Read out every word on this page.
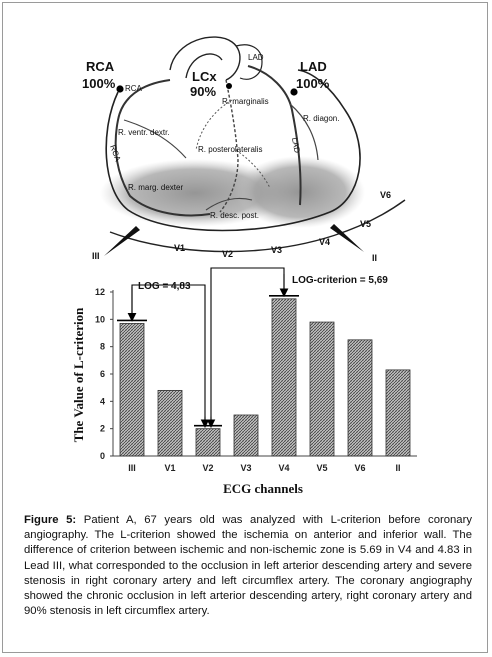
RCA
100%	LCx
90%
LAD
100%
LAD
RCA
R. marginalis
R. diagon.
R. ventr. dextr.
R. posterolateralis
RCA	LAD
R. marg. dexter
R. desc. post.
III	II
V1
V2	V3
V4
V5
V6
0
2
4
6
8
10
12
III	V1	V2	V3	V4	V5	V6	II
The Value of L-criterion
ECG channels
LOG = 4,83
LOG-criterion = 5,69
Figure 5: Patient A, 67 years old was analyzed with L-criterion before coronary angiography. The L-criterion showed the ischemia on anterior and inferior wall. The difference of criterion between ischemic and non-ischemic zone is 5.69 in V4 and 4.83 in Lead III, what corresponded to the occlusion in left arterior descending artery and severe stenosis in right coronary artery and left circumflex artery. The coronary angiography showed the chronic occlusion in left arterior descending artery, right coronary artery and 90% stenosis in left circumflex artery.
